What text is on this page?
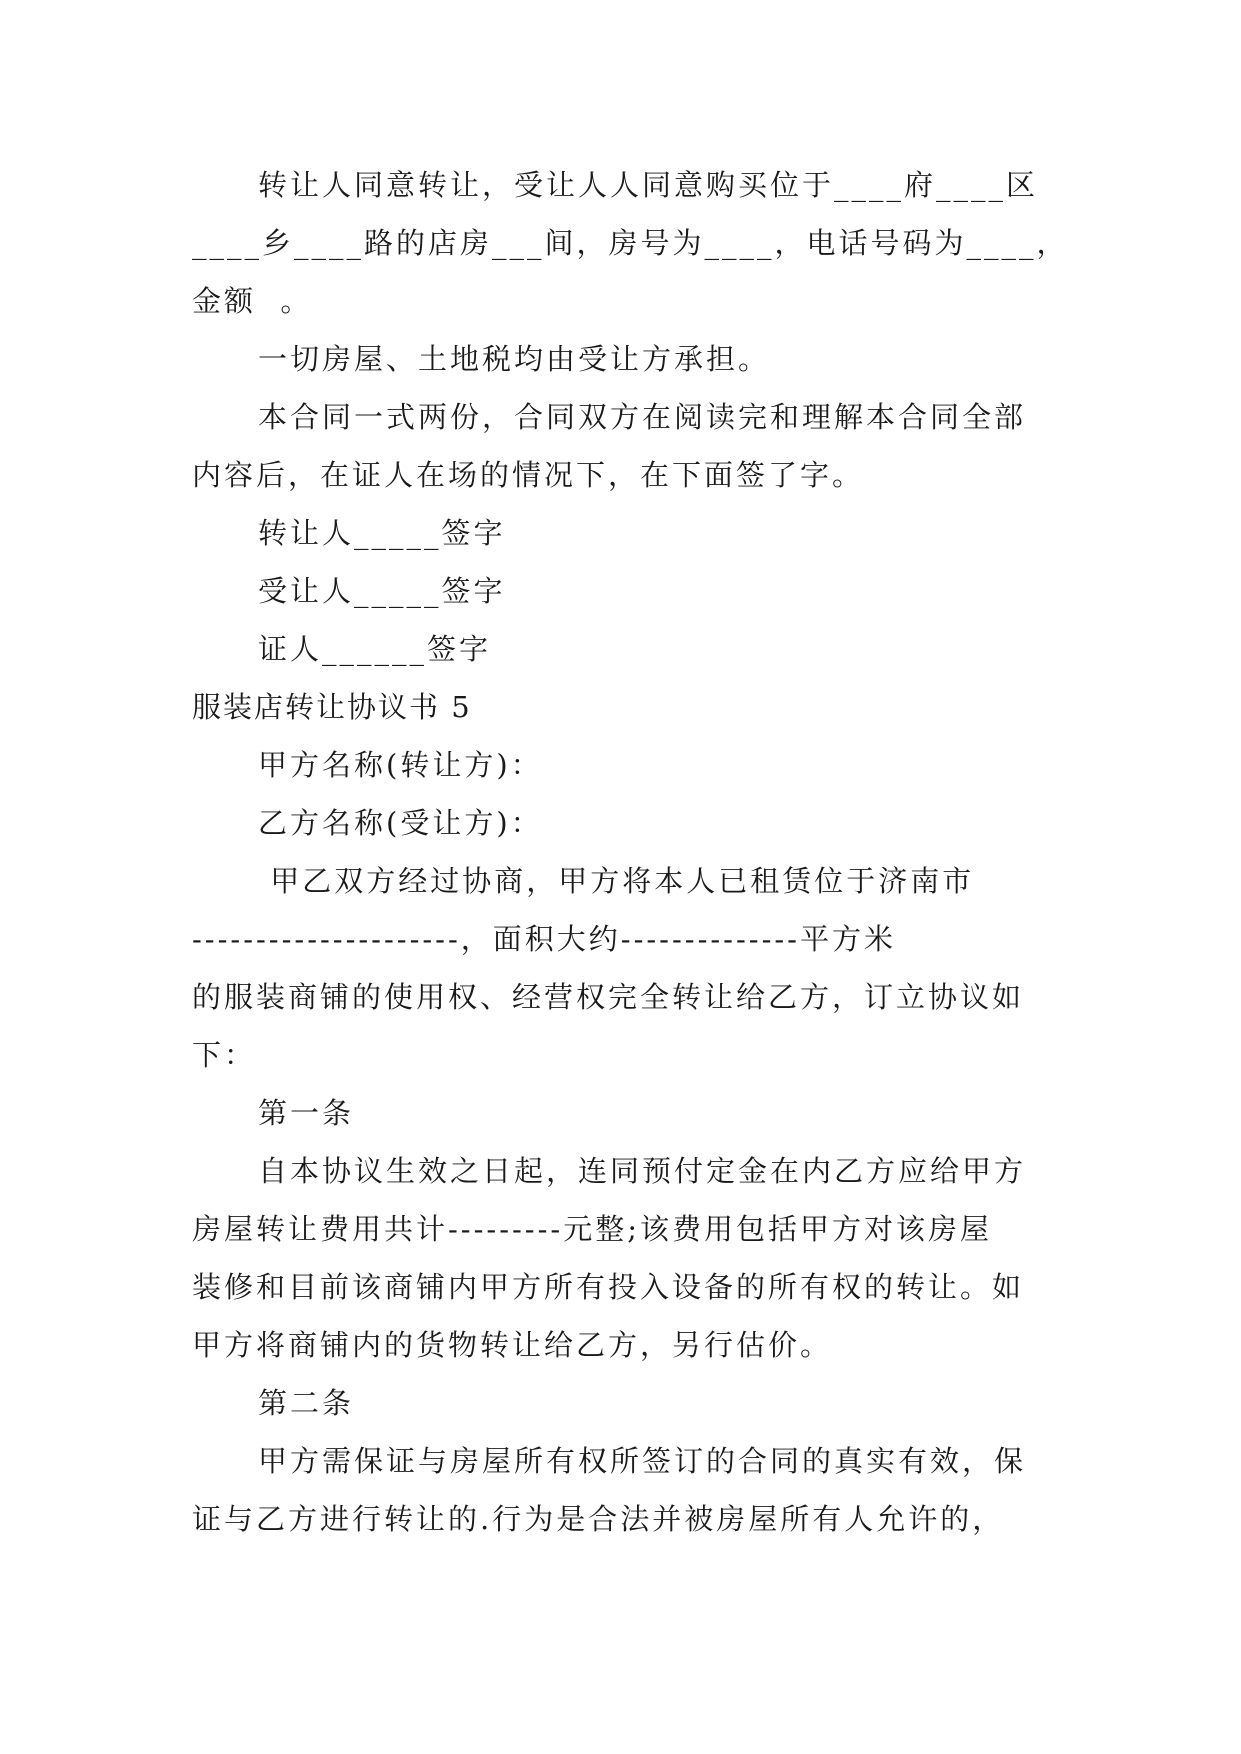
转让人同意转让，受让人人同意购买位于____府____区
____乡____路的店房___间，房号为____，电话号码为____，
金额  。
一切房屋、土地税均由受让方承担。
本合同一式两份，合同双方在阅读完和理解本合同全部
内容后，在证人在场的情况下，在下面签了字。
转让人_____签字
受让人_____签字
证人______签字
服装店转让协议书 5
甲方名称(转让方)：
乙方名称(受让方)：
甲乙双方经过协商，甲方将本人已租赁位于济南市
---------------------，面积大约--------------平方米
的服装商铺的使用权、经营权完全转让给乙方，订立协议如
下：
第一条
自本协议生效之日起，连同预付定金在内乙方应给甲方
房屋转让费用共计---------元整;该费用包括甲方对该房屋
装修和目前该商铺内甲方所有投入设备的所有权的转让。如
甲方将商铺内的货物转让给乙方，另行估价。
第二条
甲方需保证与房屋所有权所签订的合同的真实有效，保
证与乙方进行转让的.行为是合法并被房屋所有人允许的，
